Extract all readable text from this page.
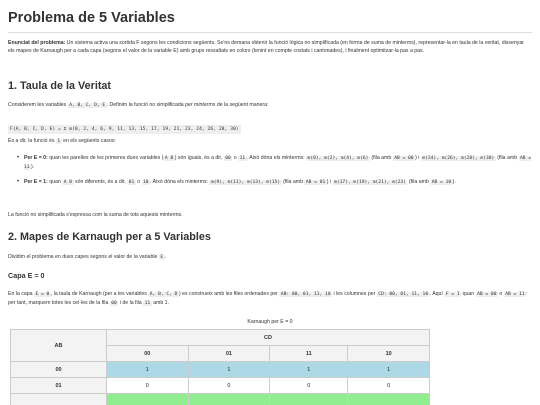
Problema de 5 Variables

Enunciat del problema: Un sistema activa una sortida F segons les condicions següents. Se'ns demana obtenir la funció lògica no simplificada (en forma de suma de minterms), representar-la en taula de la veritat, dissenyar els mapes de Karnaugh per a cada capa (segons el valor de la variable E) amb grups ressaltats en colors (tenint en compte costats i cantonades), i finalment optimitzar-la pas a pas.

1. Taula de la Veritat

Considerem les variables A, B, C, D, E . Definim la funció no simplificada per minterms de la següent manera:

F(A, B, C, D, E) = Σ m(0, 2, 4, 6, 9, 11, 13, 15, 17, 19, 21, 23, 24, 26, 28, 30)

És a dir, la funció és 1 en els següents casos:

• Per E = 0: quan les parelles de les primeres dues variables ( A B ) són iguals, és a dir, 00 o 11 . Això dóna els minterms: m(0), m(2), m(4), m(6) (fila amb AB = 00 ) i m(24), m(26), m(28), m(30) (fila amb AB = 11 ).
• Per E = 1: quan A B són diferents, és a dir, 01 o 10 . Això dóna els minterms: m(9), m(11), m(13), m(15) (fila amb AB = 01 ) i m(17), m(19), m(21), m(23) (fila amb AB = 10 ).

La funció no simplificada s'expressa com la suma de tots aquests minterms.

2. Mapes de Karnaugh per a 5 Variables

Dividim el problema en dues capes segons el valor de la variable E .

Capa E = 0

En la capa E = 0 , la taula de Karnaugh (per a les variables A, B, C, D ) es construeix amb les files ordenades per AB: 00, 01, 11, 10 i les columnes per CD: 00, 01, 11, 10 . Aquí F = 1 quan AB = 00 o AB = 11 : per tant, marquem totes les cel·les de la fila 00 i de la fila 11 amb 1.

Karnaugh per E = 0
AB	CD			
	00	01	11	10
00	1	1	1	1
01	0	0	0	0
